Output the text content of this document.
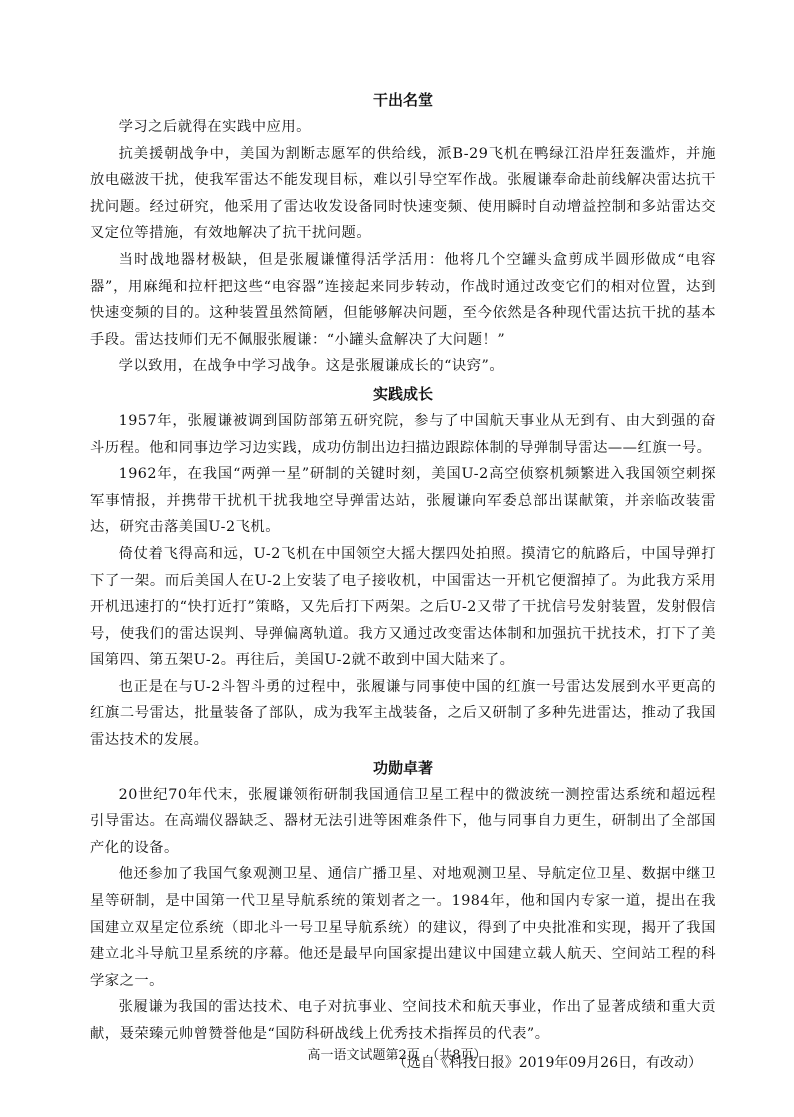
干出名堂

学习之后就得在实践中应用。

抗美援朝战争中，美国为割断志愿军的供给线，派B-29飞机在鸭绿江沿岸狂轰滥炸，并施放电磁波干扰，使我军雷达不能发现目标，难以引导空军作战。张履谦奉命赴前线解决雷达抗干扰问题。经过研究，他采用了雷达收发设备同时快速变频、使用瞬时自动增益控制和多站雷达交叉定位等措施，有效地解决了抗干扰问题。

当时战地器材极缺，但是张履谦懂得活学活用：他将几个空罐头盒剪成半圆形做成“电容器”，用麻绳和拉杆把这些“电容器”连接起来同步转动，作战时通过改变它们的相对位置，达到快速变频的目的。这种装置虽然简陋，但能够解决问题，至今依然是各种现代雷达抗干扰的基本手段。雷达技师们无不佩服张履谦：“小罐头盒解决了大问题！”

学以致用，在战争中学习战争。这是张履谦成长的“诀窍”。

实践成长

1957年，张履谦被调到国防部第五研究院，参与了中国航天事业从无到有、由大到强的奋斗历程。他和同事边学习边实践，成功仿制出边扫描边跟踪体制的导弹制导雷达——红旗一号。

1962年，在我国“两弹一星”研制的关键时刻，美国U-2高空侦察机频繁进入我国领空刺探军事情报，并携带干扰机干扰我地空导弹雷达站，张履谦向军委总部出谋献策，并亲临改装雷达，研究击落美国U-2飞机。

倚仗着飞得高和远，U-2飞机在中国领空大摇大摆四处拍照。摸清它的航路后，中国导弹打下了一架。而后美国人在U-2上安装了电子接收机，中国雷达一开机它便溜掉了。为此我方采用开机迅速打的“快打近打”策略，又先后打下两架。之后U-2又带了干扰信号发射装置，发射假信号，使我们的雷达误判、导弹偏离轨道。我方又通过改变雷达体制和加强抗干扰技术，打下了美国第四、第五架U-2。再往后，美国U-2就不敢到中国大陆来了。

也正是在与U-2斗智斗勇的过程中，张履谦与同事使中国的红旗一号雷达发展到水平更高的红旗二号雷达，批量装备了部队，成为我军主战装备，之后又研制了多种先进雷达，推动了我国雷达技术的发展。

功勋卓著

20世纪70年代末，张履谦领衔研制我国通信卫星工程中的微波统一测控雷达系统和超远程引导雷达。在高端仪器缺乏、器材无法引进等困难条件下，他与同事自力更生，研制出了全部国产化的设备。

他还参加了我国气象观测卫星、通信广播卫星、对地观测卫星、导航定位卫星、数据中继卫星等研制，是中国第一代卫星导航系统的策划者之一。1984年，他和国内专家一道，提出在我国建立双星定位系统（即北斗一号卫星导航系统）的建议，得到了中央批准和实现，揭开了我国建立北斗导航卫星系统的序幕。他还是最早向国家提出建议中国建立载人航天、空间站工程的科学家之一。

张履谦为我国的雷达技术、电子对抗事业、空间技术和航天事业，作出了显著成绩和重大贡献，聂荣臻元帅曾赞誉他是“国防科研战线上优秀技术指挥员的代表”。

（选自《科技日报》2019年09月26日，有改动）
高一语文试题第2页　（共8页）
